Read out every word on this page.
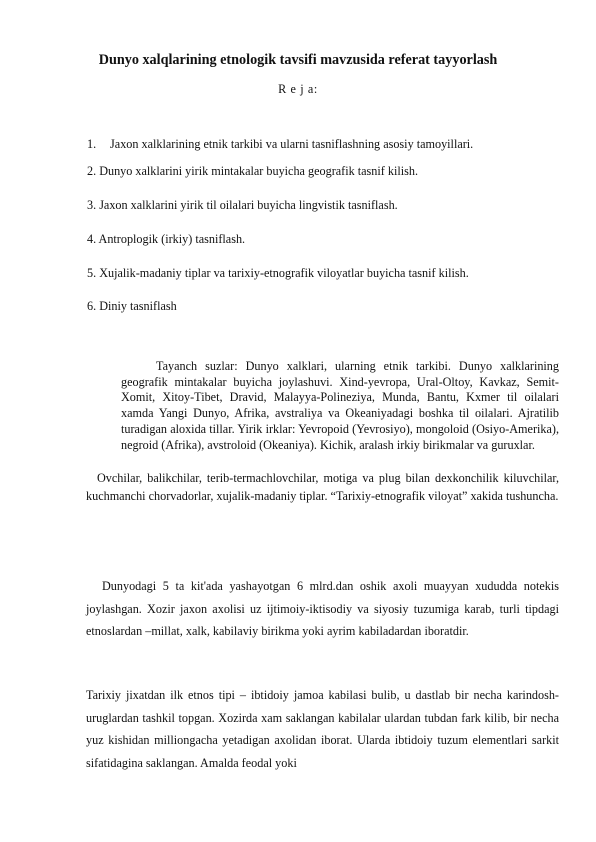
Dunyo xalqlarining etnologik tavsifi mavzusida referat tayyorlash
R e j a:
1. Jaxon xalklarining etnik tarkibi va ularni tasniflashning asosiy tamoyillari.
2. Dunyo xalklarini yirik mintakalar buyicha geografik tasnif kilish.
3. Jaxon xalklarini yirik til oilalari buyicha lingvistik tasniflash.
4. Antroplogik (irkiy) tasniflash.
5. Xujalik-madaniy tiplar va tarixiy-etnografik viloyatlar buyicha tasnif kilish.
6. Diniy tasniflash
Tayanch suzlar: Dunyo xalklari, ularning etnik tarkibi. Dunyo xalklarining geografik mintakalar buyicha joylashuvi. Xind-yevropa, Ural-Oltoy, Kavkaz, Semit-Xomit, Xitoy-Tibet, Dravid, Malayya-Polineziya, Munda, Bantu, Kxmer til oilalari xamda Yangi Dunyo, Afrika, avstraliya va Okeaniyadagi boshka til oilalari. Ajratilib turadigan aloxida tillar. Yirik irklar: Yevropoid (Yevrosiyo), mongoloid (Osiyo-Amerika), negroid (Afrika), avstroloid (Okeaniya). Kichik, aralash irkiy birikmalar va guruxlar.
Ovchilar, balikchilar, terib-termachlovchilar, motiga va plug bilan dexkonchilik kiluvchilar, kuchmanchi chorvadorlar, xujalik-madaniy tiplar. “Tarixiy-etnografik viloyat” xakida tushuncha.
Dunyodagi 5 ta kit'ada yashayotgan 6 mlrd.dan oshik axoli muayyan xududda notekis joylashgan. Xozir jaxon axolisi uz ijtimoiy-iktisodiy va siyosiy tuzumiga karab, turli tipdagi etnoslardan –millat, xalk, kabilaviy birikma yoki ayrim kabiladardan iboratdir.
Tarixiy jixatdan ilk etnos tipi – ibtidoiy jamoa kabilasi bulib, u dastlab bir necha karindosh-uruglardan tashkil topgan. Xozirda xam saklangan kabilalar ulardan tubdan fark kilib, bir necha yuz kishidan milliongacha yetadigan axolidan iborat. Ularda ibtidoiy tuzum elementlari sarkit sifatidagina saklangan. Amalda feodal yoki
